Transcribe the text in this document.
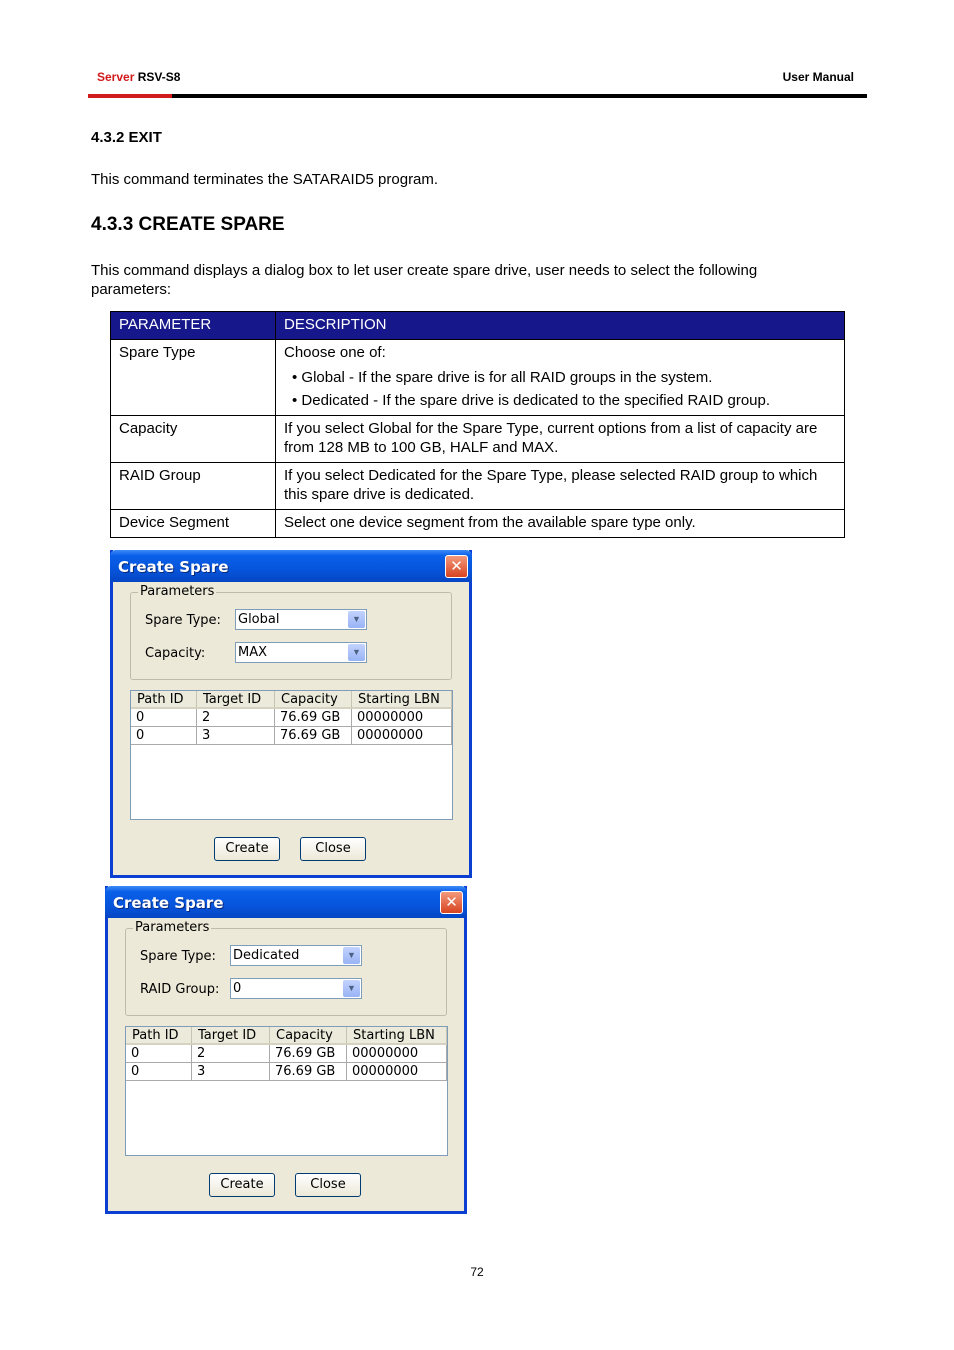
Server RSV-S8	User Manual
4.3.2 EXIT
This command terminates the SATARAID5 program.
4.3.3 CREATE SPARE
This command displays a dialog box to let user create spare drive, user needs to select the following parameters:
PARAMETER	DESCRIPTION
Spare Type	Choose one of:
• Global - If the spare drive is for all RAID groups in the system.
• Dedicated - If the spare drive is dedicated to the specified RAID group.

Capacity	If you select Global for the Spare Type, current options from a list of capacity are from 128 MB to 100 GB, HALF and MAX.
RAID Group	If you select Dedicated for the Spare Type, please selected RAID group to which this spare drive is dedicated.
Device Segment	Select one device segment from the available spare type only.
Create Spare	✕
Parameters
Spare Type: Global	▼
Capacity:	MAX	▼
Path ID	Target ID	Capacity	Starting LBN
0	2	76.69 GB	00000000
0	3	76.69 GB	00000000
Create	Close
Create Spare	✕
Parameters
Spare Type: Dedicated	▼
RAID Group: 0	▼
Path ID	Target ID	Capacity	Starting LBN
0	2	76.69 GB	00000000
0	3	76.69 GB	00000000
Create	Close
72
